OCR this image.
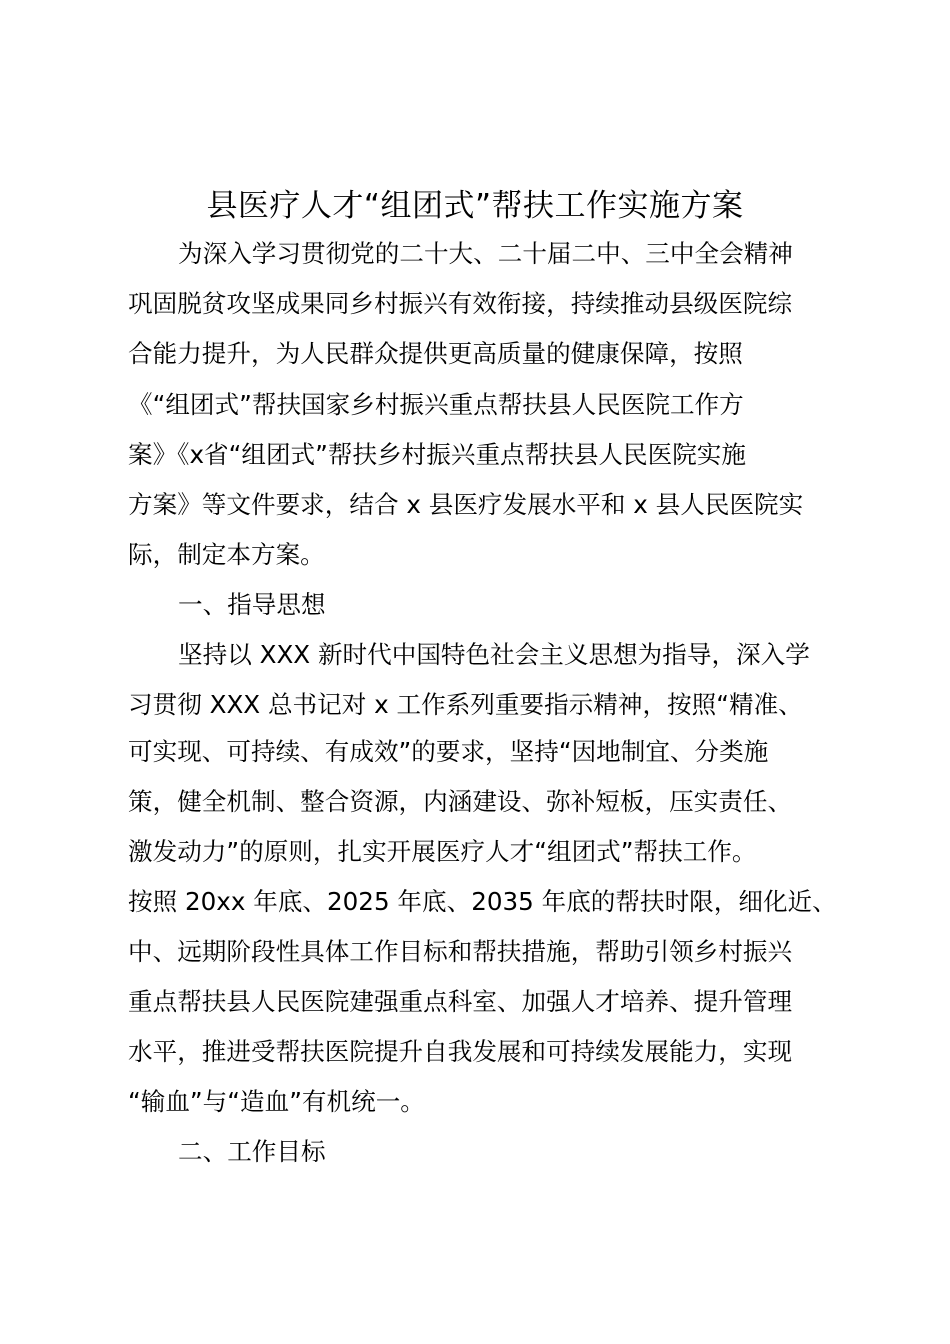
县医疗人才“组团式”帮扶工作实施方案

为深入学习贯彻党的二十大、二十届二中、三中全会精神

巩固脱贫攻坚成果同乡村振兴有效衔接，持续推动县级医院综

合能力提升，为人民群众提供更高质量的健康保障，按照

《“组团式”帮扶国家乡村振兴重点帮扶县人民医院工作方

案》《x省“组团式”帮扶乡村振兴重点帮扶县人民医院实施

方案》等文件要求，结合 x 县医疗发展水平和 x 县人民医院实

际，制定本方案。

一、指导思想

坚持以 XXX 新时代中国特色社会主义思想为指导，深入学

习贯彻 XXX 总书记对 x 工作系列重要指示精神，按照“精准、

可实现、可持续、有成效”的要求，坚持“因地制宜、分类施

策，健全机制、整合资源，内涵建设、弥补短板，压实责任、

激发动力”的原则，扎实开展医疗人才“组团式”帮扶工作。

按照 20xx 年底、2025 年底、2035 年底的帮扶时限，细化近、

中、远期阶段性具体工作目标和帮扶措施，帮助引领乡村振兴

重点帮扶县人民医院建强重点科室、加强人才培养、提升管理

水平，推进受帮扶医院提升自我发展和可持续发展能力，实现

“输血”与“造血”有机统一。

二、工作目标
